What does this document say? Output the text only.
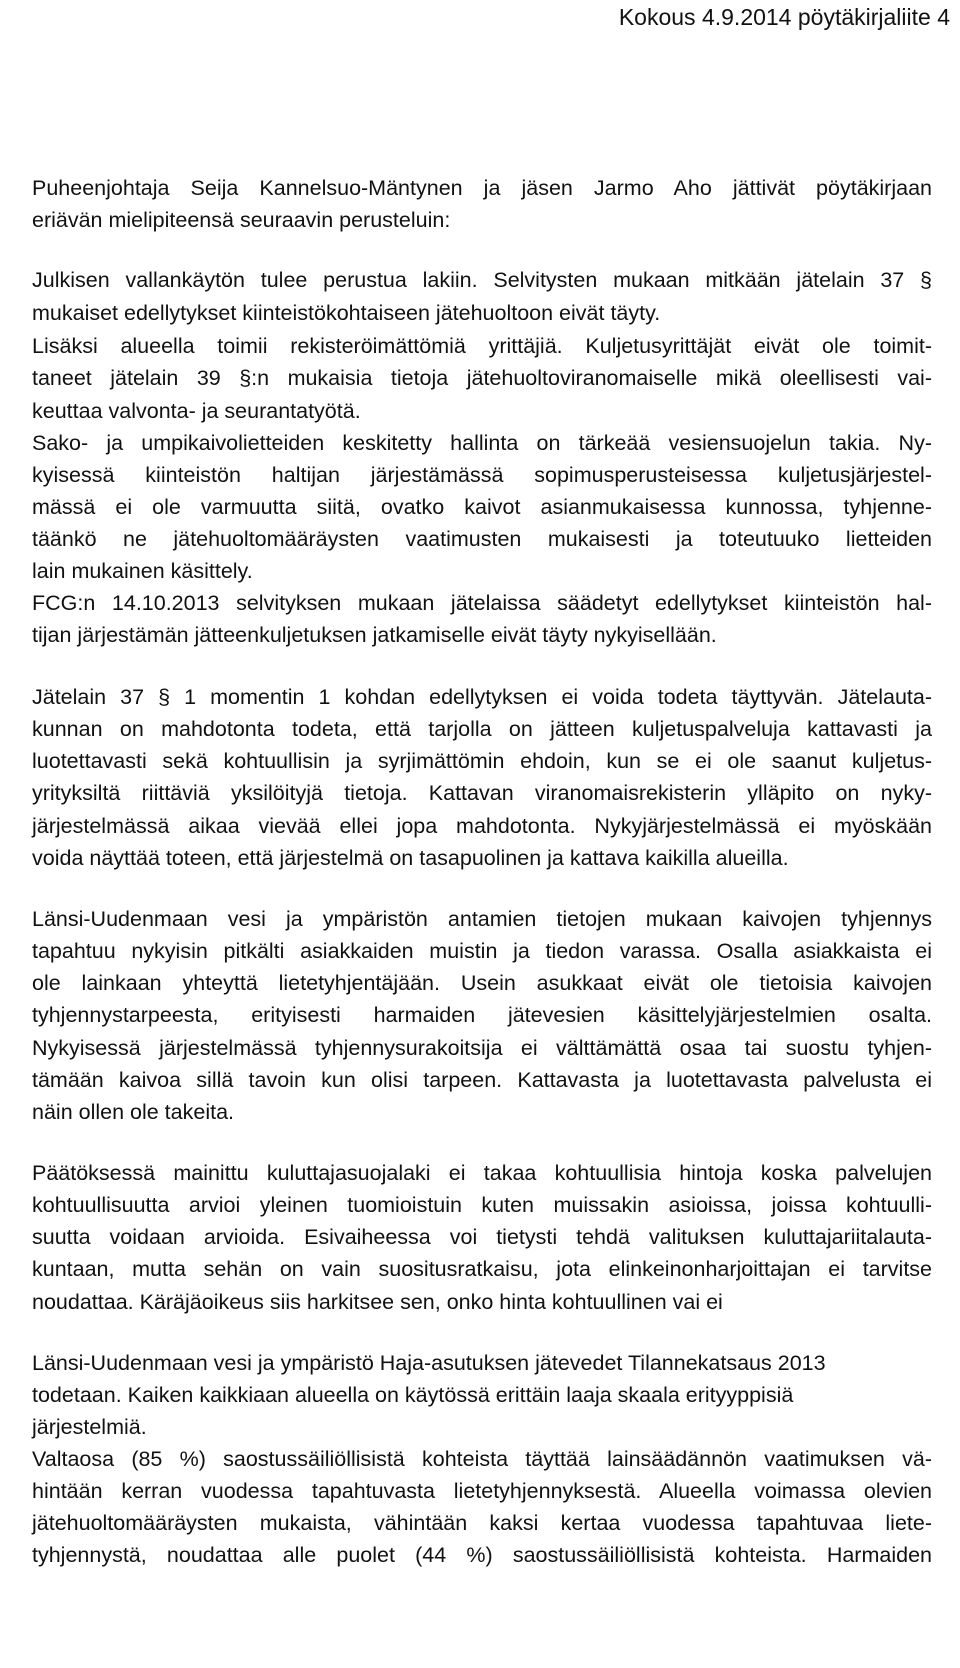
Kokous 4.9.2014 pöytäkirjaliite 4
Puheenjohtaja Seija Kannelsuo-Mäntynen ja jäsen Jarmo Aho jättivät pöytäkirjaan
eriävän mielipiteensä seuraavin perusteluin:
Julkisen vallankäytön tulee perustua lakiin. Selvitysten mukaan mitkään jätelain 37 §
mukaiset edellytykset kiinteistökohtaiseen jätehuoltoon eivät täyty.
Lisäksi alueella toimii rekisteröimättömiä yrittäjiä. Kuljetusyrittäjät eivät ole toimit-
taneet jätelain 39 §:n mukaisia tietoja jätehuoltoviranomaiselle mikä oleellisesti vai-
keuttaa valvonta- ja seurantatyötä.
Sako- ja umpikaivolietteiden keskitetty hallinta on tärkeää vesiensuojelun takia. Ny-
kyisessä kiinteistön haltijan järjestämässä sopimusperusteisessa kuljetusjärjestel-
mässä ei ole varmuutta siitä, ovatko kaivot asianmukaisessa kunnossa, tyhjenne-
täänkö ne jätehuoltomääräysten vaatimusten mukaisesti ja toteutuuko lietteiden
lain mukainen käsittely.
FCG:n 14.10.2013 selvityksen mukaan jätelaissa säädetyt edellytykset kiinteistön hal-
tijan järjestämän jätteenkuljetuksen jatkamiselle eivät täyty nykyisellään.
Jätelain 37 § 1 momentin 1 kohdan edellytyksen ei voida todeta täyttyvän. Jätelauta-
kunnan on mahdotonta todeta, että tarjolla on jätteen kuljetuspalveluja kattavasti ja
luotettavasti sekä kohtuullisin ja syrjimättömin ehdoin, kun se ei ole saanut kuljetus-
yrityksiltä riittäviä yksilöityjä tietoja. Kattavan viranomaisrekisterin ylläpito on nyky-
järjestelmässä aikaa vievää ellei jopa mahdotonta. Nykyjärjestelmässä ei myöskään
voida näyttää toteen, että järjestelmä on tasapuolinen ja kattava kaikilla alueilla.
Länsi-Uudenmaan vesi ja ympäristön antamien tietojen mukaan kaivojen tyhjennys
tapahtuu nykyisin pitkälti asiakkaiden muistin ja tiedon varassa. Osalla asiakkaista ei
ole lainkaan yhteyttä lietetyhjentäjään. Usein asukkaat eivät ole tietoisia kaivojen
tyhjennystarpeesta, erityisesti harmaiden jätevesien käsittelyjärjestelmien osalta.
Nykyisessä järjestelmässä tyhjennysurakoitsija ei välttämättä osaa tai suostu tyhjen-
tämään kaivoa sillä tavoin kun olisi tarpeen. Kattavasta ja luotettavasta palvelusta ei
näin ollen ole takeita.
Päätöksessä mainittu kuluttajasuojalaki ei takaa kohtuullisia hintoja koska palvelujen
kohtuullisuutta arvioi yleinen tuomioistuin kuten muissakin asioissa, joissa kohtuulli-
suutta voidaan arvioida. Esivaiheessa voi tietysti tehdä valituksen kuluttajariitalauta-
kuntaan, mutta sehän on vain suositusratkaisu, jota elinkeinonharjoittajan ei tarvitse
noudattaa. Käräjäoikeus siis harkitsee sen, onko hinta kohtuullinen vai ei
Länsi-Uudenmaan vesi ja ympäristö Haja-asutuksen jätevedet Tilannekatsaus 2013
todetaan. Kaiken kaikkiaan alueella on käytössä erittäin laaja skaala erityyppisiä
järjestelmiä.
Valtaosa (85 %) saostussäiliöllisistä kohteista täyttää lainsäädännön vaatimuksen vä-
hintään kerran vuodessa tapahtuvasta lietetyhjennyksestä. Alueella voimassa olevien
jätehuoltomääräysten mukaista, vähintään kaksi kertaa vuodessa tapahtuvaa liete-
tyhjennystä, noudattaa alle puolet (44 %) saostussäiliöllisistä kohteista. Harmaiden
